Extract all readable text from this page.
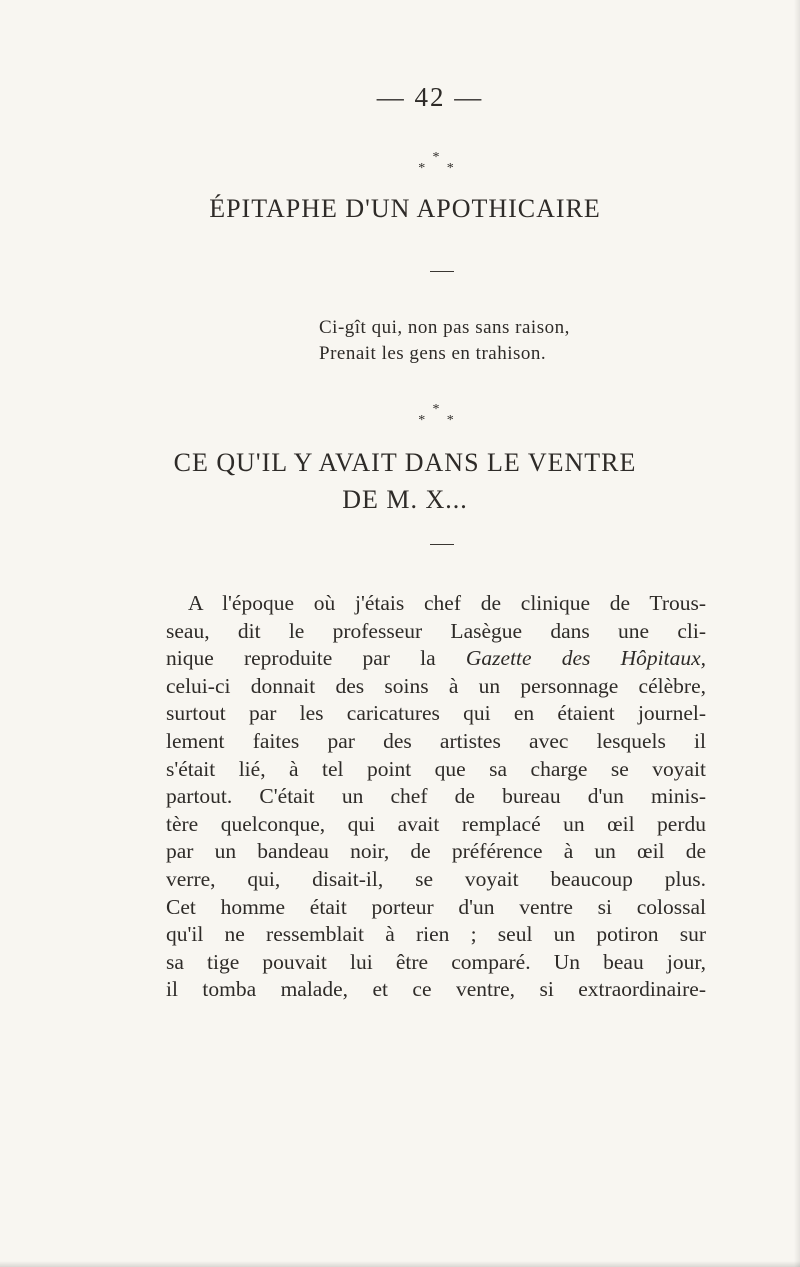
— 42 —
*
* *
ÉPITAPHE D'UN APOTHICAIRE
Ci-gît qui, non pas sans raison,
Prenait les gens en trahison.
*
* *
CE QU'IL Y AVAIT DANS LE VENTRE
DE M. X...
A l'époque où j'étais chef de clinique de Trous-
seau, dit le professeur Lasègue dans une cli-
nique reproduite par la Gazette des Hôpitaux,
celui-ci donnait des soins à un personnage célèbre,
surtout par les caricatures qui en étaient journel-
lement faites par des artistes avec lesquels il
s'était lié, à tel point que sa charge se voyait
partout. C'était un chef de bureau d'un minis-
tère quelconque, qui avait remplacé un œil perdu
par un bandeau noir, de préférence à un œil de
verre, qui, disait-il, se voyait beaucoup plus.
Cet homme était porteur d'un ventre si colossal
qu'il ne ressemblait à rien ; seul un potiron sur
sa tige pouvait lui être comparé. Un beau jour,
il tomba malade, et ce ventre, si extraordinaire-
